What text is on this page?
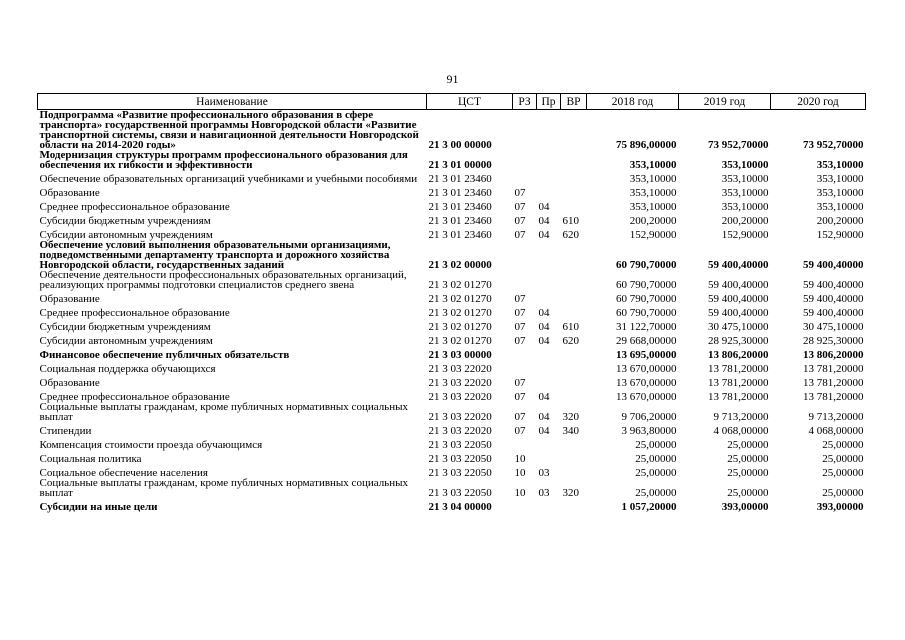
91
Наименование	ЦСТ	РЗ	Пр	ВР	2018 год	2019 год	2020 год
Подпрограмма «Развитие профессионального образования в сфере транспорта» государственной программы Новгородской области «Развитие транспортной системы, связи и навигационной деятельности Новгородской области на 2014-2020 годы»	21 3 00 00000				75 896,00000	73 952,70000	73 952,70000
Модернизация структуры программ профессионального образования для обеспечения их гибкости и эффективности	21 3 01 00000				353,10000	353,10000	353,10000
Обеспечение образовательных организаций учебниками и учебными пособиями	21 3 01 23460				353,10000	353,10000	353,10000
Образование	21 3 01 23460	07			353,10000	353,10000	353,10000
Среднее профессиональное образование	21 3 01 23460	07	04		353,10000	353,10000	353,10000
Субсидии бюджетным учреждениям	21 3 01 23460	07	04	610	200,20000	200,20000	200,20000
Субсидии автономным учреждениям	21 3 01 23460	07	04	620	152,90000	152,90000	152,90000
Обеспечение условий выполнения образовательными организациями, подведомственными департаменту транспорта и дорожного хозяйства Новгородской области, государственных заданий	21 3 02 00000				60 790,70000	59 400,40000	59 400,40000
Обеспечение деятельности профессиональных образовательных организаций, реализующих программы подготовки специалистов среднего звена	21 3 02 01270				60 790,70000	59 400,40000	59 400,40000
Образование	21 3 02 01270	07			60 790,70000	59 400,40000	59 400,40000
Среднее профессиональное образование	21 3 02 01270	07	04		60 790,70000	59 400,40000	59 400,40000
Субсидии бюджетным учреждениям	21 3 02 01270	07	04	610	31 122,70000	30 475,10000	30 475,10000
Субсидии автономным учреждениям	21 3 02 01270	07	04	620	29 668,00000	28 925,30000	28 925,30000
Финансовое обеспечение публичных обязательств	21 3 03 00000				13 695,00000	13 806,20000	13 806,20000
Социальная поддержка обучающихся	21 3 03 22020				13 670,00000	13 781,20000	13 781,20000
Образование	21 3 03 22020	07			13 670,00000	13 781,20000	13 781,20000
Среднее профессиональное образование	21 3 03 22020	07	04		13 670,00000	13 781,20000	13 781,20000
Социальные выплаты гражданам, кроме публичных нормативных социальных выплат	21 3 03 22020	07	04	320	9 706,20000	9 713,20000	9 713,20000
Стипендии	21 3 03 22020	07	04	340	3 963,80000	4 068,00000	4 068,00000
Компенсация стоимости проезда обучающимся	21 3 03 22050				25,00000	25,00000	25,00000
Социальная политика	21 3 03 22050	10			25,00000	25,00000	25,00000
Социальное обеспечение населения	21 3 03 22050	10	03		25,00000	25,00000	25,00000
Социальные выплаты гражданам, кроме публичных нормативных социальных выплат	21 3 03 22050	10	03	320	25,00000	25,00000	25,00000
Субсидии на иные цели	21 3 04 00000				1 057,20000	393,00000	393,00000
